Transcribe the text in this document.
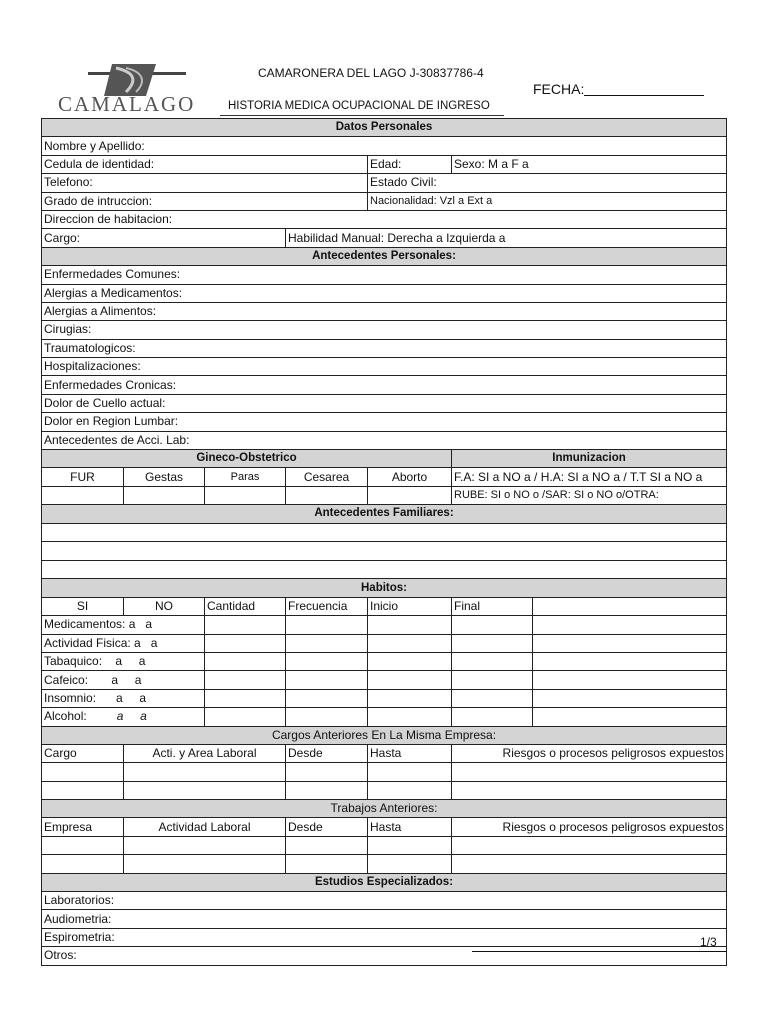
CAMALAGO
CAMARONERA DEL LAGO J-30837786-4
HISTORIA MEDICA OCUPACIONAL DE INGRESO
FECHA:
Datos Personales						
Nombre y Apellido:						
Cedula de identidad:				Edad:	Sexo: M a F a	
Telefono:				Estado Civil:		
Grado de intruccion:				Nacionalidad: Vzl a Ext a		
Direccion de habitacion:						
Cargo:			Habilidad Manual: Derecha a Izquierda a			
Antecedentes Personales:						
Enfermedades Comunes:						
Alergias a Medicamentos:						
Alergias a Alimentos:						
Cirugias:						
Traumatologicos:						
Hospitalizaciones:						
Enfermedades Cronicas:						
Dolor de Cuello actual:						
Dolor en Region Lumbar:						
Antecedentes de Acci. Lab:						
Gineco-Obstetrico					Inmunizacion	
FUR	Gestas	Paras	Cesarea	Aborto	F.A: SI a NO a / H.A: SI a NO a / T.T SI a NO a	
					RUBE: SI o NO o /SAR: SI o NO o/OTRA:	
Antecedentes Familiares:						

Habitos:						
SI	NO	Cantidad	Frecuencia	Inicio	Final	
Medicamentos: a a						
Actividad Fisica: a a						
Tabaquico: a a						
Cafeico: a a						
Insomnio: a a						
Alcohol: a a						
Cargos Anteriores En La Misma Empresa:						
Cargo	Acti. y Area Laboral		Desde	Hasta	Riesgos o procesos peligrosos expuestos	

Trabajos Anteriores:						
Empresa	Actividad Laboral		Desde	Hasta	Riesgos o procesos peligrosos expuestos	

Estudios Especializados:						
Laboratorios:						
Audiometria:						
Espirometria:						
Otros:						
1/3
